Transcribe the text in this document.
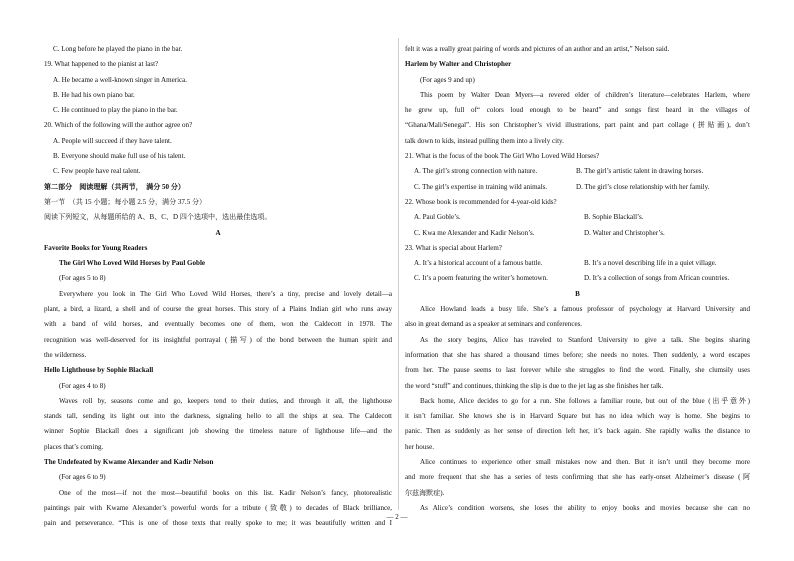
C. Long before he played the piano in the bar.
19. What happened to the pianist at last?
A. He became a well-known singer in America.
B. He had his own piano bar.
C. He continued to play the piano in the bar.
20. Which of the following will the author agree on?
A. People will succeed if they have talent.
B. Everyone should make full use of his talent.
C. Few people have real talent.
第二部分　阅读理解（共两节，　满分 50 分）
第一节　（共 15 小题；每小题 2.5 分，满分 37.5 分）
阅读下列短文，从每题所给的 A、B、C、D 四个选项中，选出最佳选项。
A
Favorite Books for Young Readers
The Girl Who Loved Wild Horses by Paul Goble
(For ages 5 to 8)
Everywhere you look in The Girl Who Loved Wild Horses, there’s a tiny, precise and lovely detail—a
plant, a bird, a lizard, a shell and of course the great horses. This story of a Plains Indian girl who runs away
with a band of wild horses, and eventually becomes one of them, won the Caldecott in 1978. The
recognition was well-deserved for its insightful portrayal (描写) of the bond between the human spirit and
the wilderness.
Hello Lighthouse by Sophie Blackall
(For ages 4 to 8)
Waves roll by, seasons come and go, keepers tend to their duties, and through it all, the lighthouse
stands tall, sending its light out into the darkness, signaling hello to all the ships at sea. The Caldecott
winner Sophie Blackall does a significant job showing the timeless nature of lighthouse life—and the
places that’s coming.
The Undefeated by Kwame Alexander and Kadir Nelson
(For ages 6 to 9)
One of the most—if not the most—beautiful books on this list. Kadir Nelson’s fancy, photorealistic
paintings pair with Kwame Alexander’s powerful words for a tribute (致敬) to decades of Black brilliance,
pain and perseverance. “This is one of those texts that really spoke to me; it was beautifully written and I
felt it was a really great pairing of words and pictures of an author and an artist,” Nelson said.
Harlem by Walter and Christopher
(For ages 9 and up)
This poem by Walter Dean Myers—a revered elder of children’s literature—celebrates Harlem, where
he grew up, full of“ colors loud enough to be heard” and songs first heard in the villages of
“Ghana/Mali/Senegal”. His son Christopher’s vivid illustrations, part paint and part collage (拼贴画), don’t
talk down to kids, instead pulling them into a lively city.
21. What is the focus of the book The Girl Who Loved Wild Horses?
A. The girl’s strong connection with nature.	B. The girl’s artistic talent in drawing horses.
C. The girl’s expertise in training wild animals.	D. The girl’s close relationship with her family.
22. Whose book is recommended for 4-year-old kids?
A. Paul Goble’s.	B. Sophie Blackall’s.
C. Kwa me Alexander and Kadir Nelson’s.	D. Walter and Christopher’s.
23. What is special about Harlem?
A. It’s a historical account of a famous battle.	B. It’s a novel describing life in a quiet village.
C. It’s a poem featuring the writer’s hometown.	D. It’s a collection of songs from African countries.
B
Alice Howland leads a busy life. She’s a famous professor of psychology at Harvard University and
also in great demand as a speaker at seminars and conferences.
As the story begins, Alice has traveled to Stanford University to give a talk. She begins sharing
information that she has shared a thousand times before; she needs no notes. Then suddenly, a word escapes
from her. The pause seems to last forever while she struggles to find the word. Finally, she clumsily uses
the word “stuff” and continues, thinking the slip is due to the jet lag as she finishes her talk.
Back home, Alice decides to go for a run. She follows a familiar route, but out of the blue (出乎意外)
it isn’t familiar. She knows she is in Harvard Square but has no idea which way is home. She begins to
panic. Then as suddenly as her sense of direction left her, it’s back again. She rapidly walks the distance to
her house.
Alice continues to experience other small mistakes now and then. But it isn’t until they become more
and more frequent that she has a series of tests confirming that she has early-onset Alzheimer’s disease (阿
尔兹海默症).
As Alice’s condition worsens, she loses the ability to enjoy books and movies because she can no
— 2 —
